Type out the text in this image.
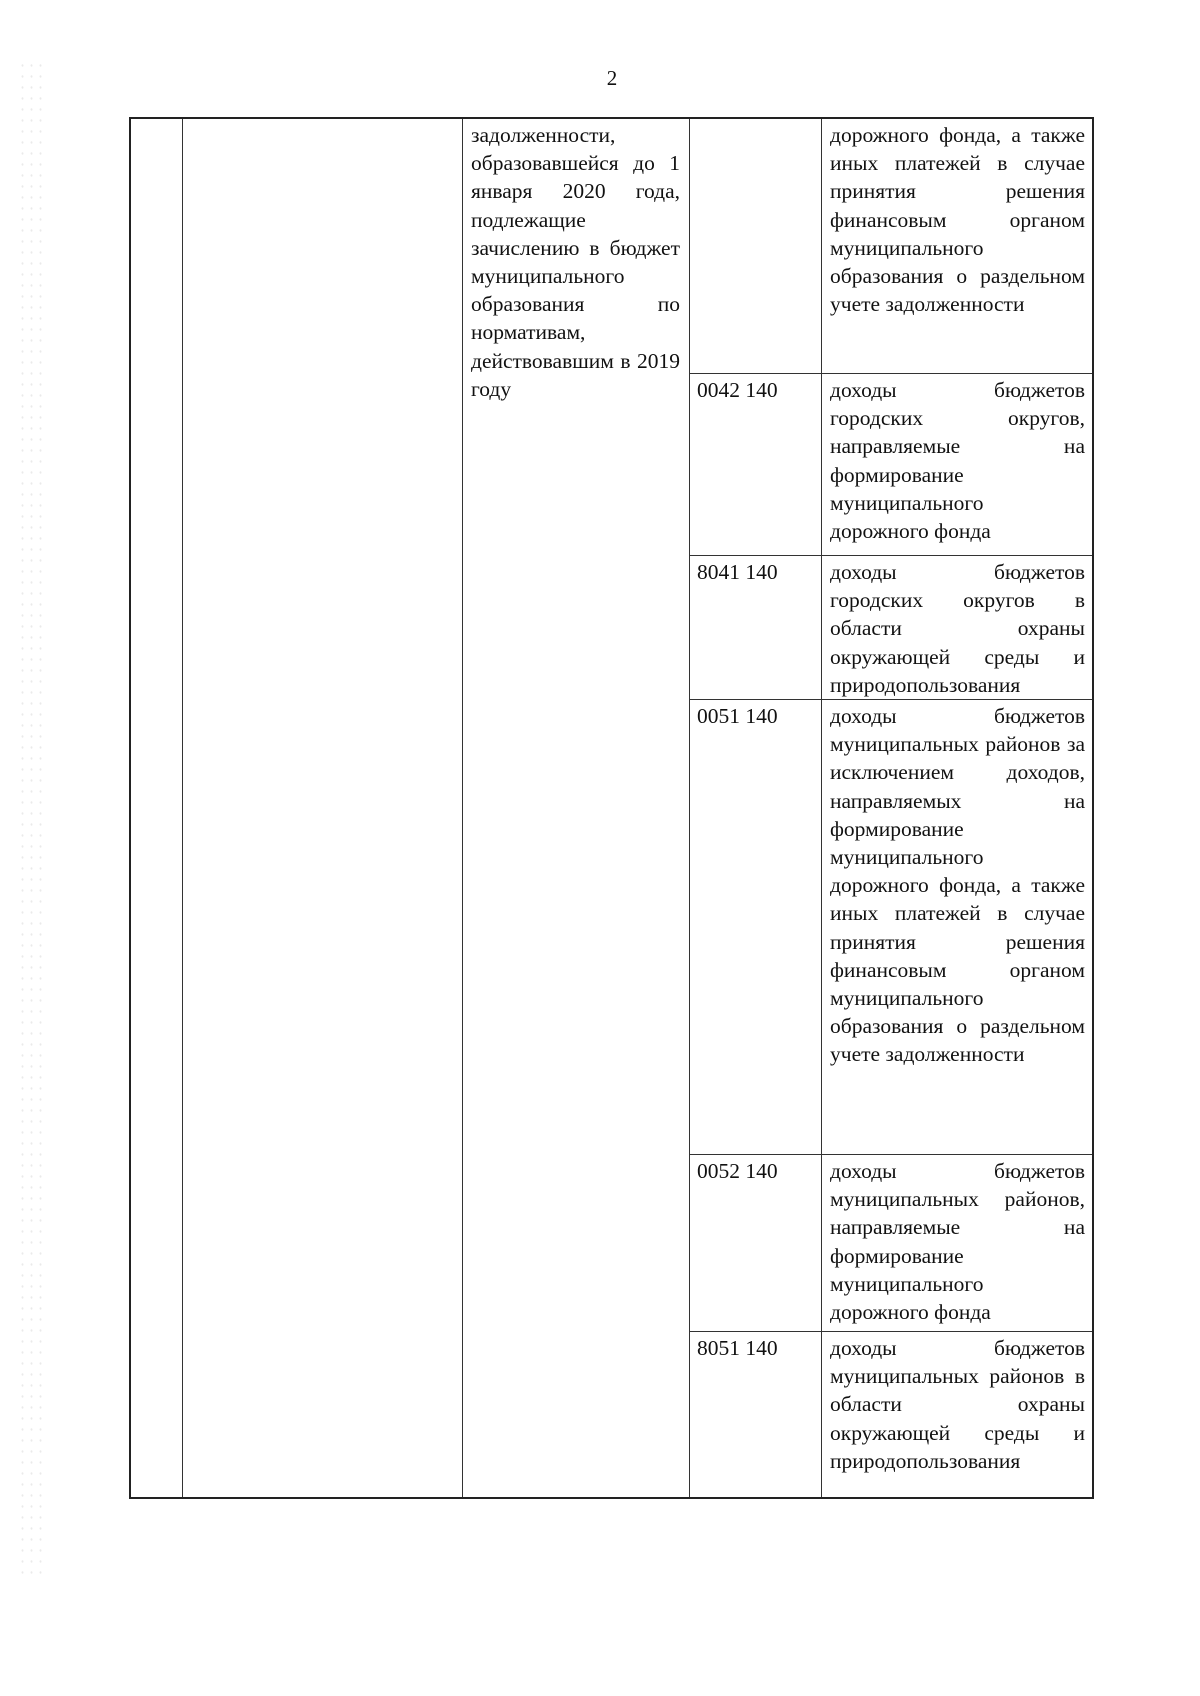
2
задолженности, образовавшейся до 1 января 2020 года, подлежащие зачислению в бюджет муниципального образования по нормативам, действовавшим в 2019 году
дорожного фонда, а также иных платежей в случае принятия решения финансовым органом муниципального образования о раздельном учете задолженности
0042 140 доходы бюджетов городских округов, направляемые на формирование муниципального дорожного фонда
8041 140 доходы бюджетов городских округов в области охраны окружающей среды и природопользования
0051 140 доходы бюджетов муниципальных районов за исключением доходов, направляемых на формирование муниципального дорожного фонда, а также иных платежей в случае принятия решения финансовым органом муниципального образования о раздельном учете задолженности
0052 140 доходы бюджетов муниципальных районов, направляемые на формирование муниципального дорожного фонда
8051 140 доходы бюджетов муниципальных районов в области охраны окружающей среды и природопользования
